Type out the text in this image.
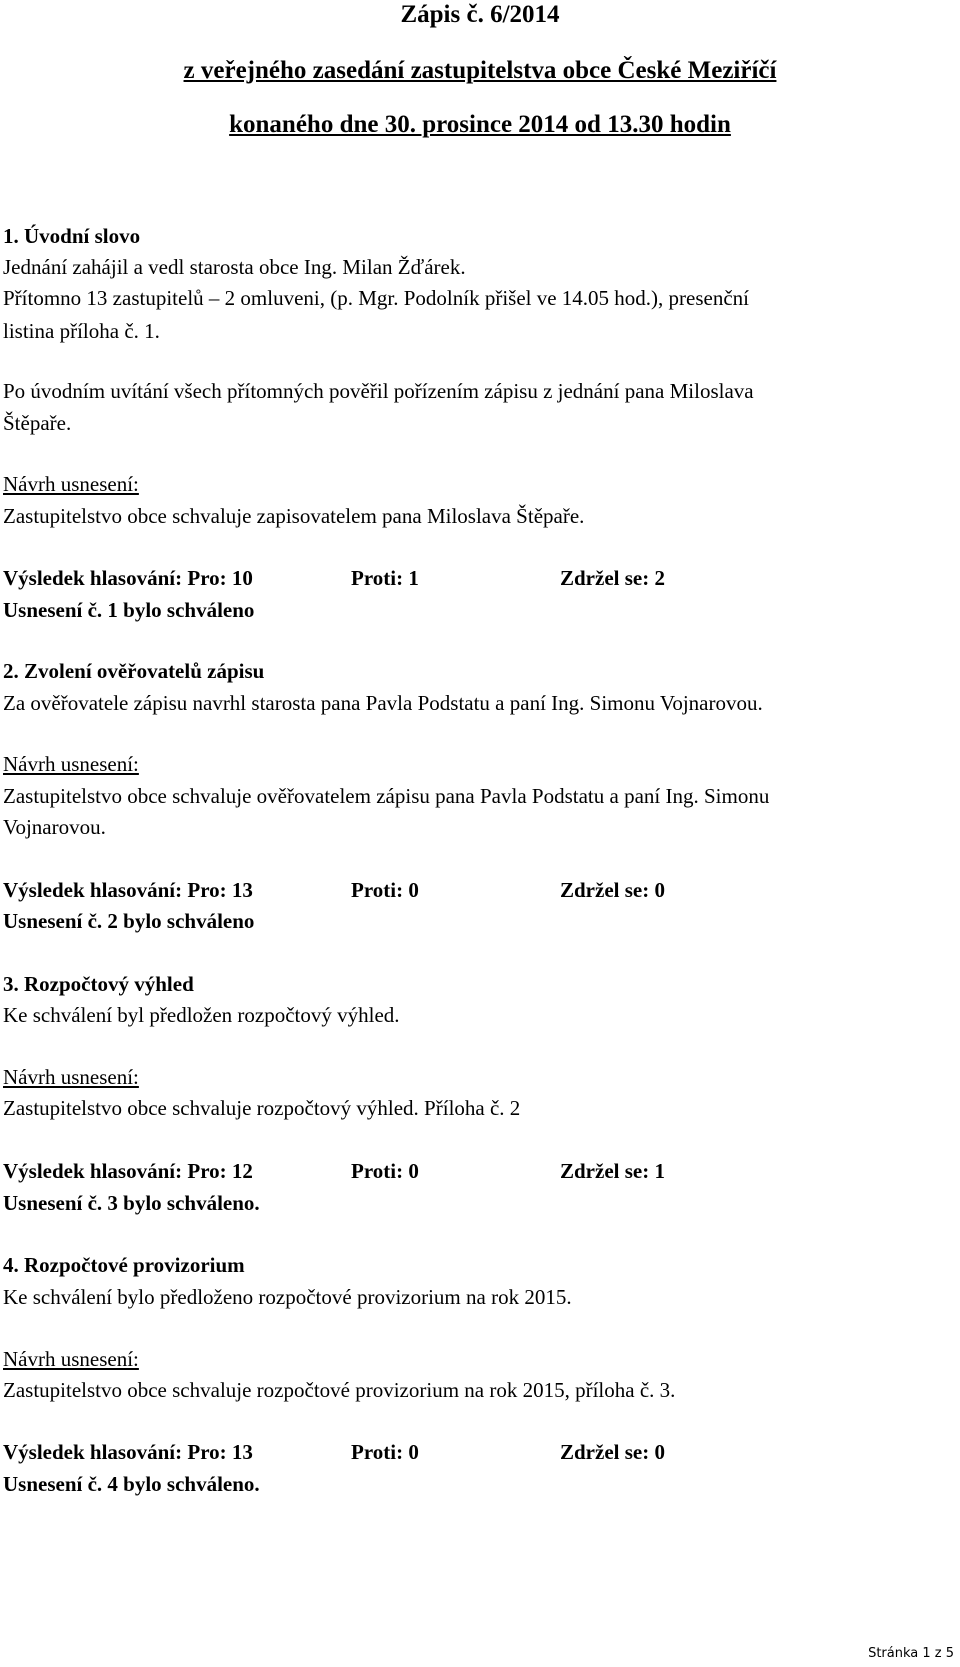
Zápis č. 6/2014
z veřejného zasedání zastupitelstva obce České Meziříčí
konaného dne 30. prosince 2014 od 13.30 hodin
1. Úvodní slovo
Jednání zahájil a vedl starosta obce Ing. Milan Žďárek.
Přítomno 13 zastupitelů – 2 omluveni, (p. Mgr. Podolník přišel ve 14.05 hod.), presenční
listina příloha č. 1.
Po úvodním uvítání všech přítomných pověřil pořízením zápisu z jednání pana Miloslava
Štěpaře.
Návrh usnesení:
Zastupitelstvo obce schvaluje zapisovatelem pana Miloslava Štěpaře.
Výsledek hlasování: Pro: 10	Proti: 1	Zdržel se: 2
Usnesení č. 1 bylo schváleno
2. Zvolení ověřovatelů zápisu
Za ověřovatele zápisu navrhl starosta pana Pavla Podstatu a paní Ing. Simonu Vojnarovou.
Návrh usnesení:
Zastupitelstvo obce schvaluje ověřovatelem zápisu pana Pavla Podstatu a paní Ing. Simonu
Vojnarovou.
Výsledek hlasování: Pro: 13	Proti: 0	Zdržel se: 0
Usnesení č. 2 bylo schváleno
3. Rozpočtový výhled
Ke schválení byl předložen rozpočtový výhled.
Návrh usnesení:
Zastupitelstvo obce schvaluje rozpočtový výhled. Příloha č. 2
Výsledek hlasování: Pro: 12	Proti: 0	Zdržel se: 1
Usnesení č. 3 bylo schváleno.
4. Rozpočtové provizorium
Ke schválení bylo předloženo rozpočtové provizorium na rok 2015.
Návrh usnesení:
Zastupitelstvo obce schvaluje rozpočtové provizorium na rok 2015, příloha č. 3.
Výsledek hlasování: Pro: 13	Proti: 0	Zdržel se: 0
Usnesení č. 4 bylo schváleno.
Stránka 1 z 5
